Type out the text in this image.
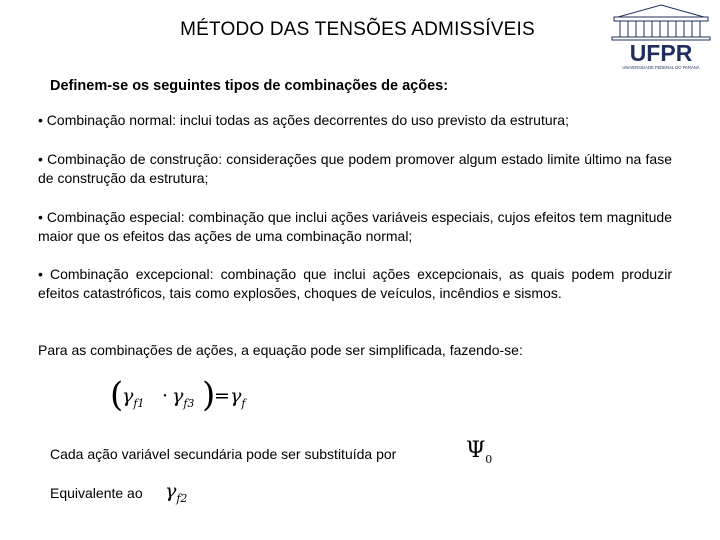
MÉTODO DAS TENSÕES ADMISSÍVEIS
UFPR
UNIVERSIDADE FEDERAL DO PARANÁ
Definem-se os seguintes tipos de combinações de ações:

• Combinação normal: inclui todas as ações decorrentes do uso previsto da estrutura;

• Combinação de construção: considerações que podem promover algum estado limite último na fase de construção da estrutura;

• Combinação especial: combinação que inclui ações variáveis especiais, cujos efeitos tem magnitude maior que os efeitos das ações de uma combinação normal;

• Combinação excepcional: combinação que inclui ações excepcionais, as quais podem produzir efeitos catastróficos, tais como explosões, choques de veículos, incêndios e sismos.

Para as combinações de ações, a equação pode ser simplificada, fazendo-se:

(
$\gamma_{f1} \cdot \gamma_{f3}$ )
= $\gamma_f$
Cada ação variável secundária pode ser substituída por	$\Psi_0$
Equivalente ao $\gamma_{f2}$
